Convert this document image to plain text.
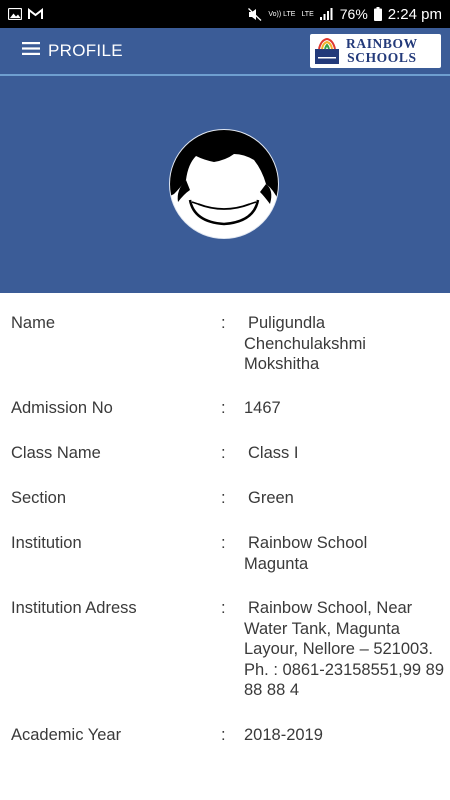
Vo)) LTE LTE 76% 2:24 pm
PROFILE	RAINBOW
SCHOOLS
Name	:	Puligundla Chenchulakshmi Mokshitha
Admission No	:	1467
Class Name	:	Class I
Section	:	Green
Institution	:	Rainbow School Magunta
Institution Adress	:	Rainbow School, Near Water Tank, Magunta Layour, Nellore – 521003. Ph. : 0861-23158551,99 89 88 88 4
Academic Year	:	2018-2019
